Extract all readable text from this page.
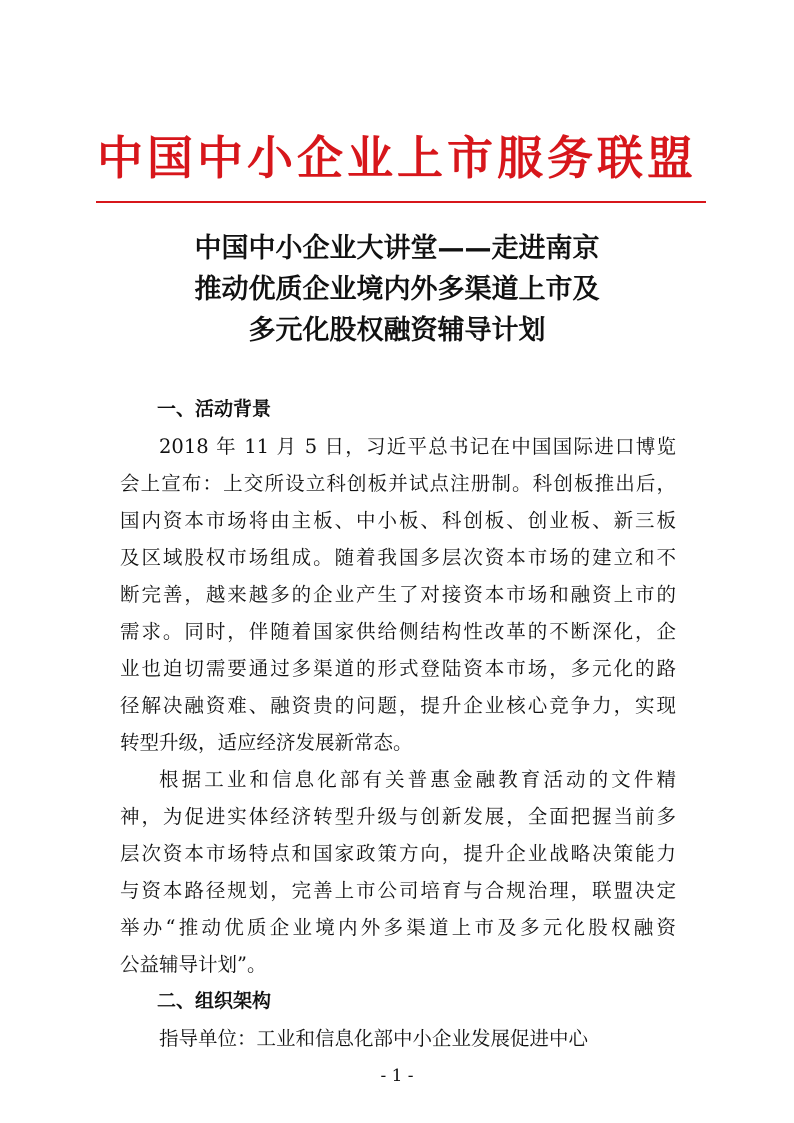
中国中小企业上市服务联盟
中国中小企业大讲堂——走进南京
推动优质企业境内外多渠道上市及
多元化股权融资辅导计划
一、活动背景
2018 年 11 月 5 日，习近平总书记在中国国际进口博览
会上宣布：上交所设立科创板并试点注册制。科创板推出后，
国内资本市场将由主板、中小板、科创板、创业板、新三板
及区域股权市场组成。随着我国多层次资本市场的建立和不
断完善，越来越多的企业产生了对接资本市场和融资上市的
需求。同时，伴随着国家供给侧结构性改革的不断深化，企
业也迫切需要通过多渠道的形式登陆资本市场，多元化的路
径解决融资难、融资贵的问题，提升企业核心竞争力，实现
转型升级，适应经济发展新常态。
根据工业和信息化部有关普惠金融教育活动的文件精
神，为促进实体经济转型升级与创新发展，全面把握当前多
层次资本市场特点和国家政策方向，提升企业战略决策能力
与资本路径规划，完善上市公司培育与合规治理，联盟决定
举办“推动优质企业境内外多渠道上市及多元化股权融资
公益辅导计划”。
二、组织架构
指导单位：工业和信息化部中小企业发展促进中心
- 1 -
